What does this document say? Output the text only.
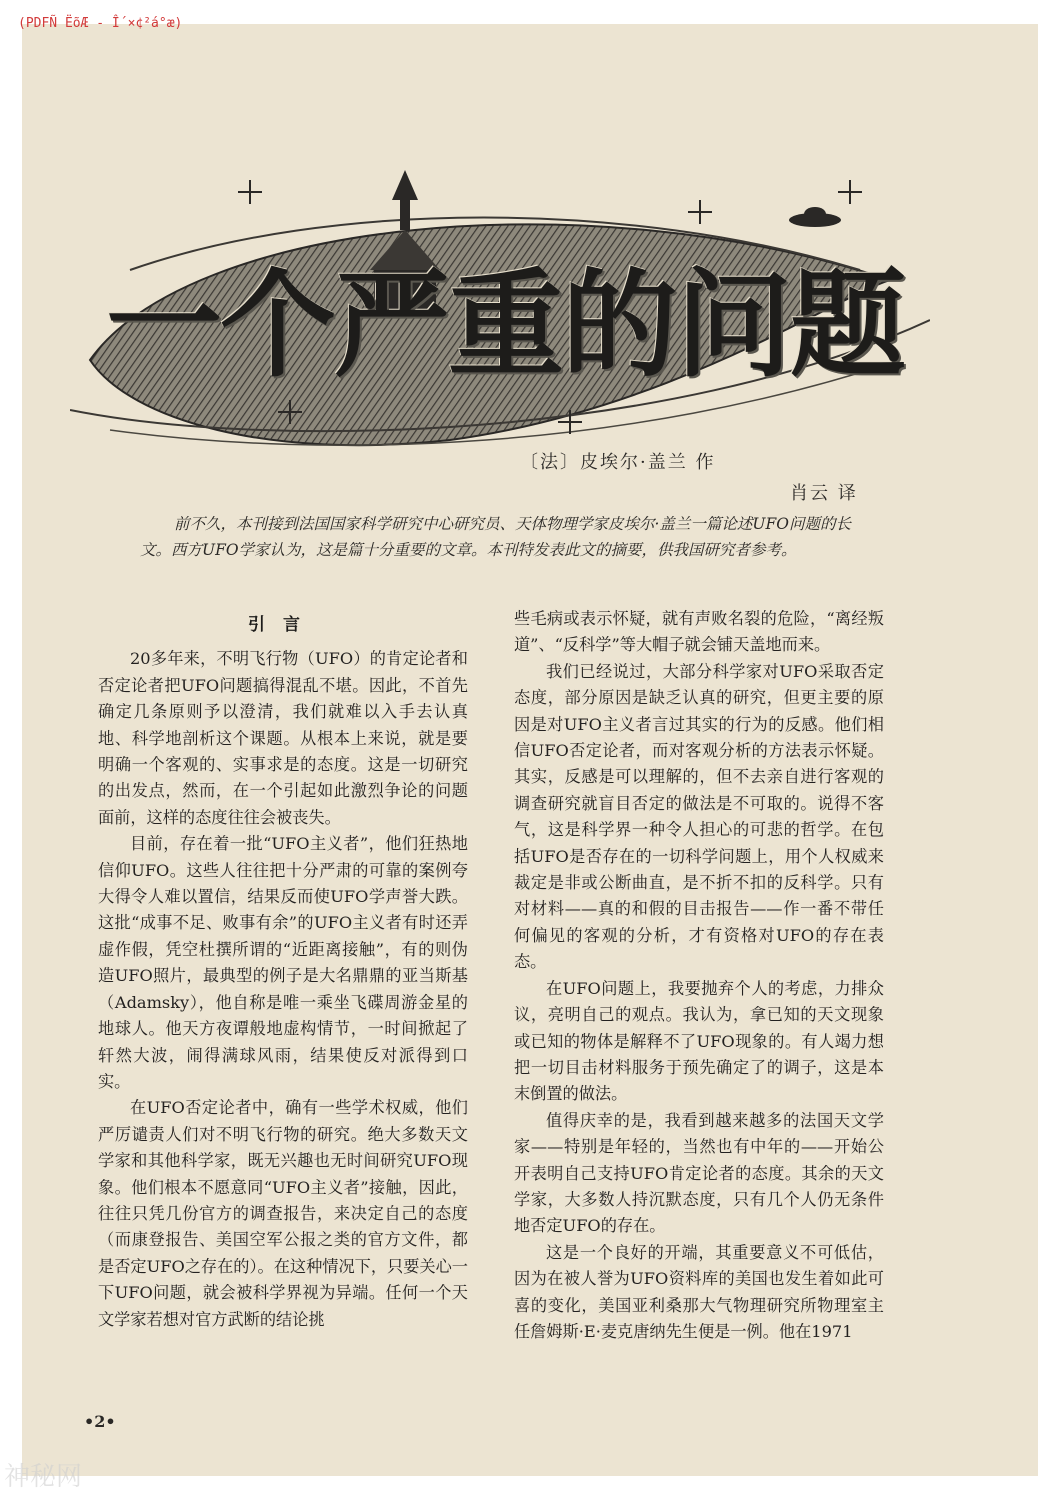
(PDFÑ ËõÆ - Î´×¢²á°æ)
一个严重的问题
〔法〕皮埃尔·盖兰 作
肖云 译
前不久，本刊接到法国国家科学研究中心研究员、天体物理学家皮埃尔·盖兰一篇论述UFO问题的长文。西方UFO学家认为，这是篇十分重要的文章。本刊特发表此文的摘要，供我国研究者参考。
引言

20多年来，不明飞行物（UFO）的肯定论者和否定论者把UFO问题搞得混乱不堪。因此，不首先确定几条原则予以澄清，我们就难以入手去认真地、科学地剖析这个课题。从根本上来说，就是要明确一个客观的、实事求是的态度。这是一切研究的出发点，然而，在一个引起如此激烈争论的问题面前，这样的态度往往会被丧失。

目前，存在着一批“UFO主义者”，他们狂热地信仰UFO。这些人往往把十分严肃的可靠的案例夸大得令人难以置信，结果反而使UFO学声誉大跌。这批“成事不足、败事有余”的UFO主义者有时还弄虚作假，凭空杜撰所谓的“近距离接触”，有的则伪造UFO照片，最典型的例子是大名鼎鼎的亚当斯基（Adamsky），他自称是唯一乘坐飞碟周游金星的地球人。他天方夜谭般地虚构情节，一时间掀起了轩然大波，闹得满球风雨，结果使反对派得到口实。

在UFO否定论者中，确有一些学术权威，他们严厉谴责人们对不明飞行物的研究。绝大多数天文学家和其他科学家，既无兴趣也无时间研究UFO现象。他们根本不愿意同“UFO主义者”接触，因此，往往只凭几份官方的调查报告，来决定自己的态度（而康登报告、美国空军公报之类的官方文件，都是否定UFO之存在的）。在这种情况下，只要关心一下UFO问题，就会被科学界视为异端。任何一个天文学家若想对官方武断的结论挑

些毛病或表示怀疑，就有声败名裂的危险，“离经叛道”、“反科学”等大帽子就会铺天盖地而来。

我们已经说过，大部分科学家对UFO采取否定态度，部分原因是缺乏认真的研究，但更主要的原因是对UFO主义者言过其实的行为的反感。他们相信UFO否定论者，而对客观分析的方法表示怀疑。其实，反感是可以理解的，但不去亲自进行客观的调查研究就盲目否定的做法是不可取的。说得不客气，这是科学界一种令人担心的可悲的哲学。在包括UFO是否存在的一切科学问题上，用个人权威来裁定是非或公断曲直，是不折不扣的反科学。只有对材料——真的和假的目击报告——作一番不带任何偏见的客观的分析，才有资格对UFO的存在表态。

在UFO问题上，我要抛弃个人的考虑，力排众议，亮明自己的观点。我认为，拿已知的天文现象或已知的物体是解释不了UFO现象的。有人竭力想把一切目击材料服务于预先确定了的调子，这是本末倒置的做法。

值得庆幸的是，我看到越来越多的法国天文学家——特别是年轻的，当然也有中年的——开始公开表明自己支持UFO肯定论者的态度。其余的天文学家，大多数人持沉默态度，只有几个人仍无条件地否定UFO的存在。

这是一个良好的开端，其重要意义不可低估，因为在被人誉为UFO资料库的美国也发生着如此可喜的变化，美国亚利桑那大气物理研究所物理室主任詹姆斯·E·麦克唐纳先生便是一例。他在1971

•2•
神秘网
